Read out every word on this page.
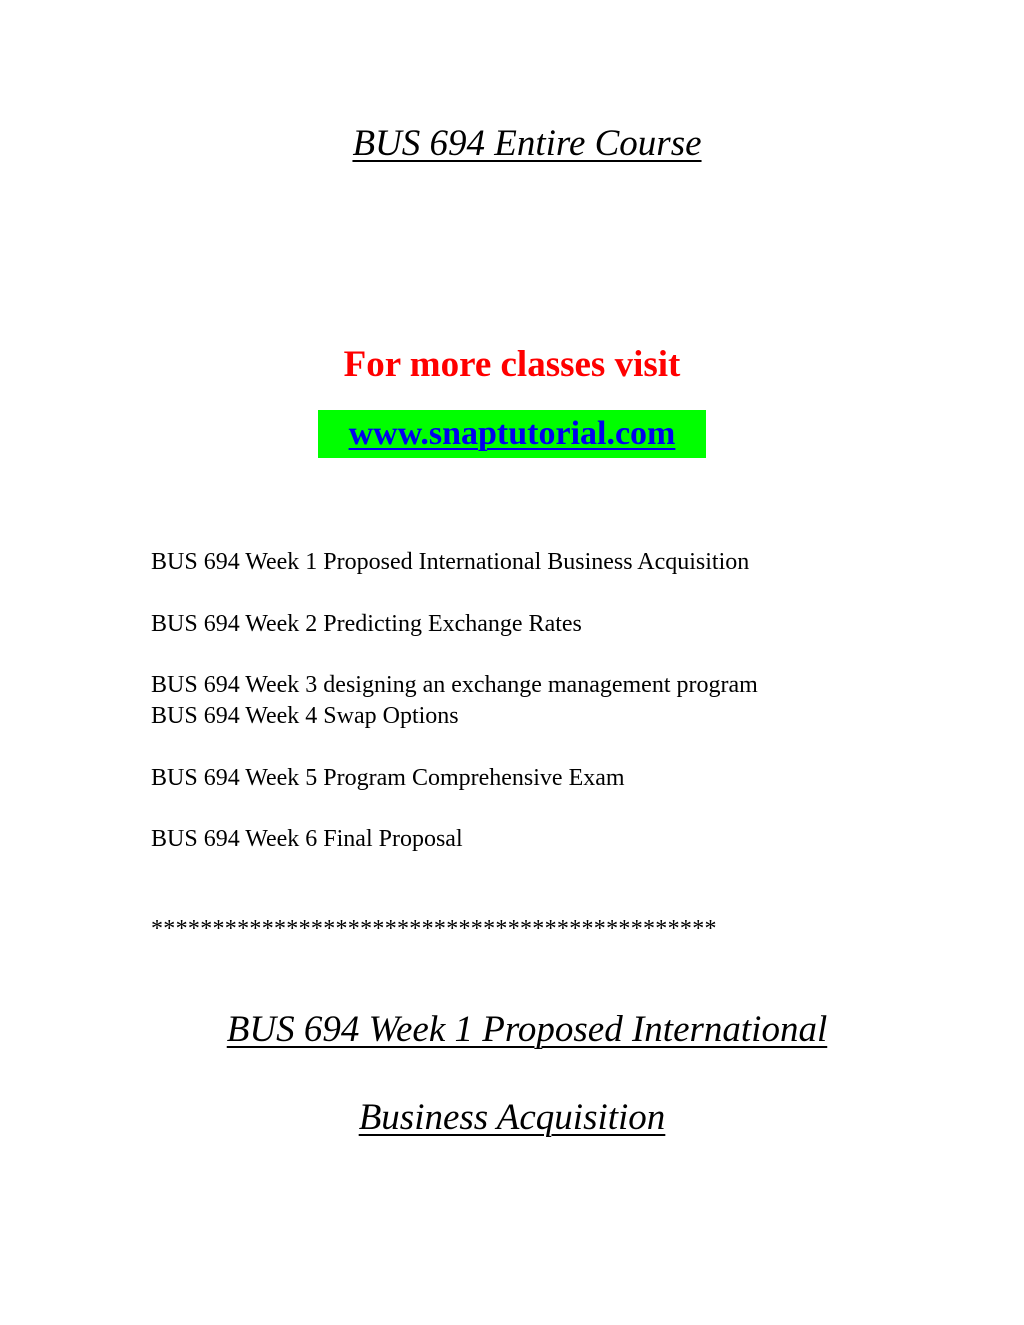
BUS 694 Entire Course
For more classes visit
www.snaptutorial.com
BUS 694 Week 1 Proposed International Business Acquisition
BUS 694 Week 2 Predicting Exchange Rates
BUS 694 Week 3 designing an exchange management program
BUS 694 Week 4 Swap Options
BUS 694 Week 5 Program Comprehensive Exam
BUS 694 Week 6 Final Proposal
**********************************************
BUS 694 Week 1 Proposed International
Business Acquisition
